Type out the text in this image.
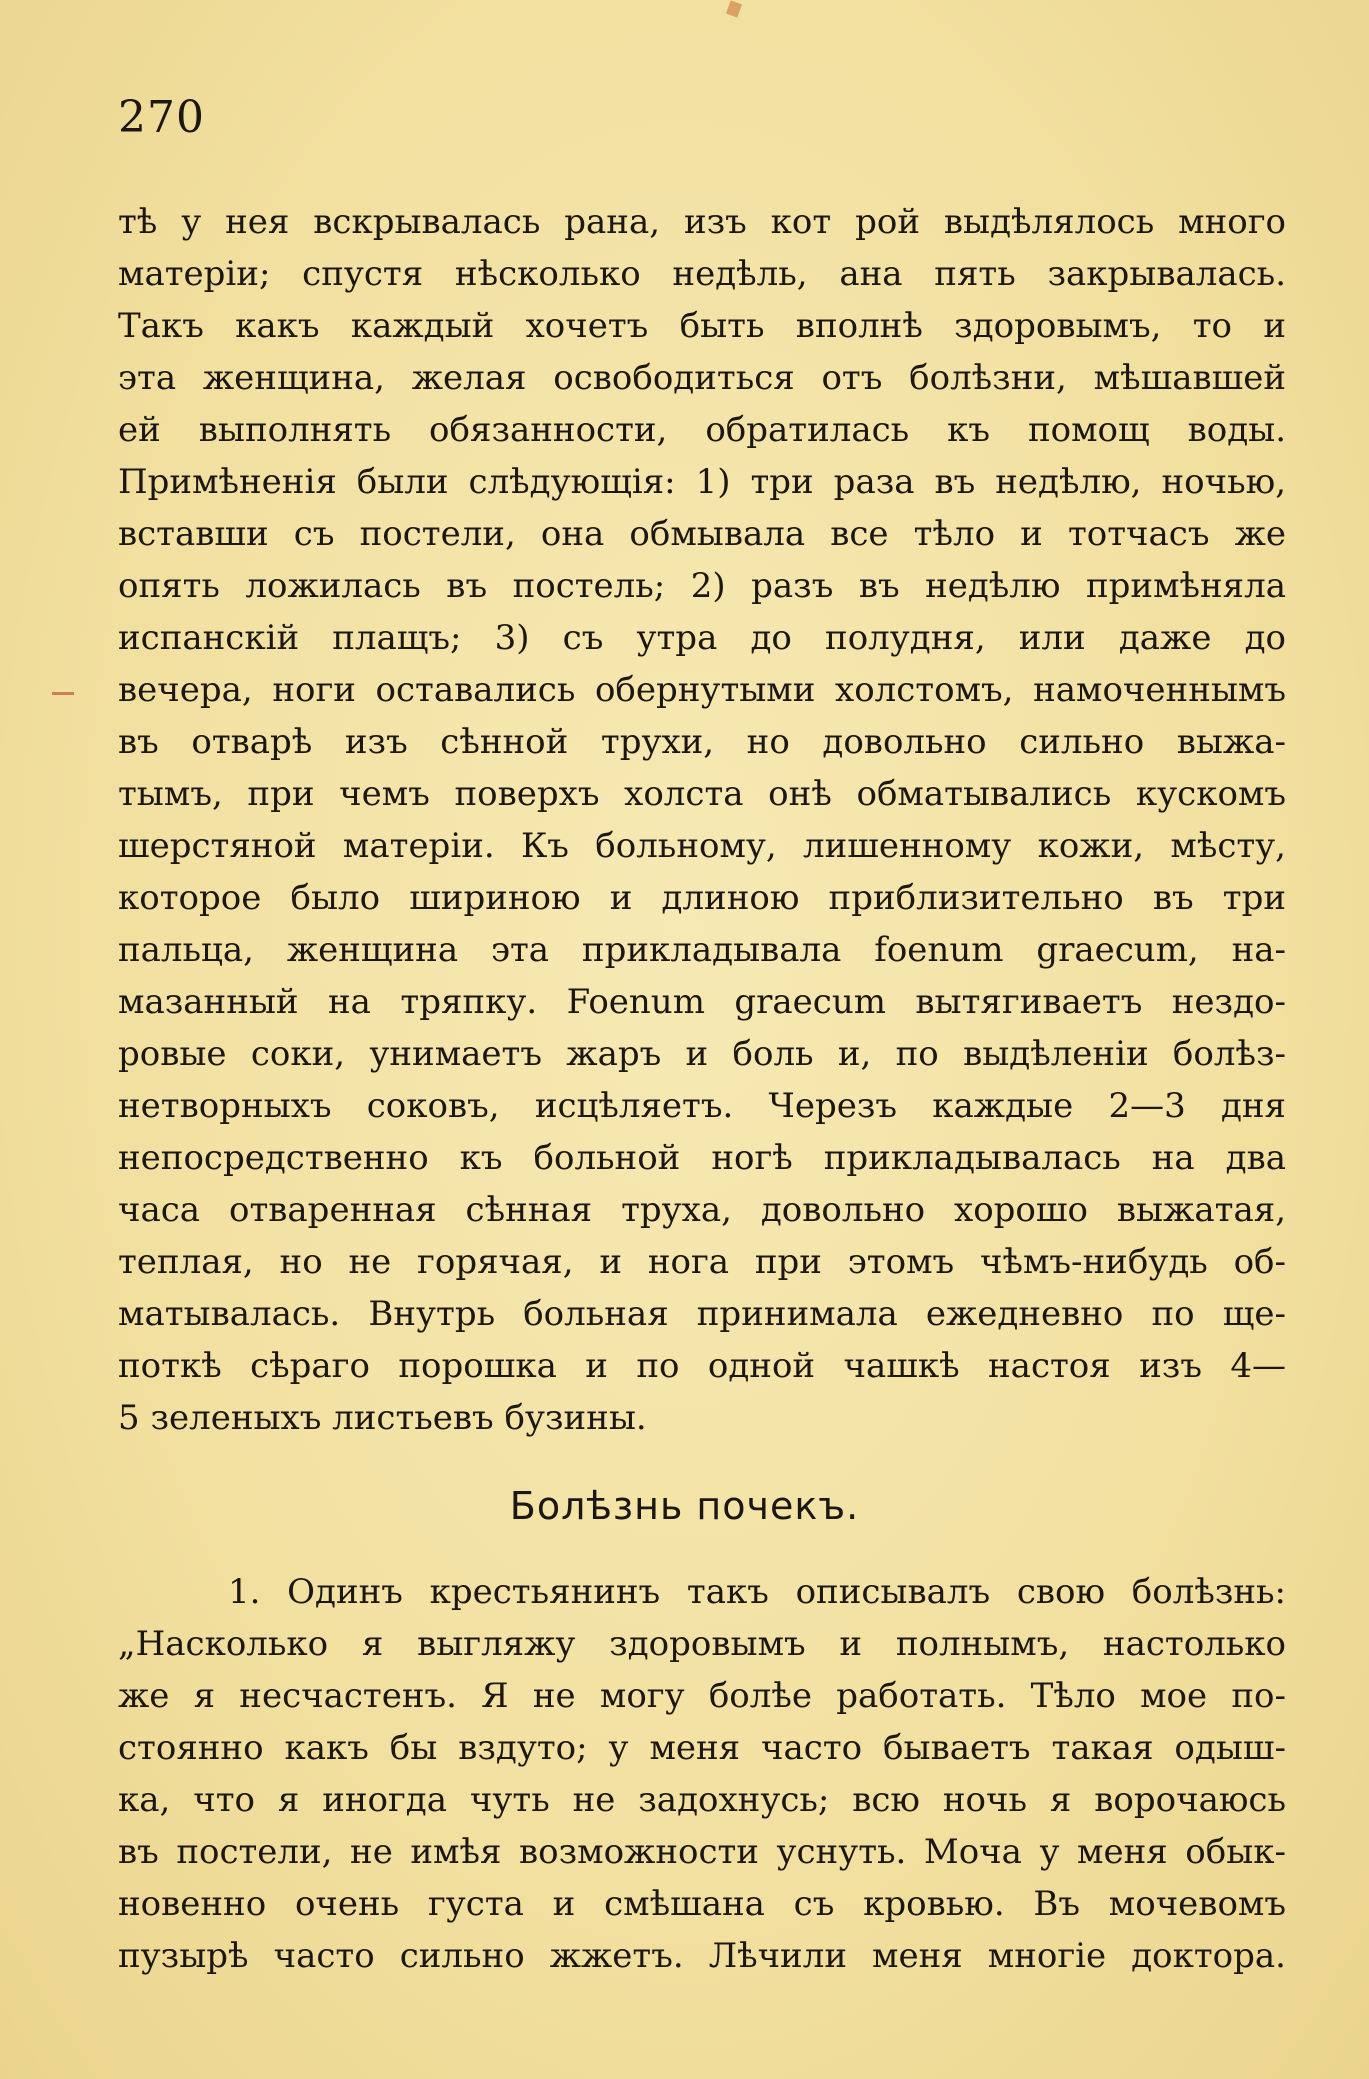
270
тѣ у нея вскрывалась рана, изъ кот рой выдѣлялось много
матеріи; спустя нѣсколько недѣль, ана пять закрывалась.
Такъ какъ каждый хочетъ быть вполнѣ здоровымъ, то и
эта женщина, желая освободиться отъ болѣзни, мѣшавшей
ей выполнять обязанности, обратилась къ помощ воды.
Примѣненія были слѣдующія: 1) три раза въ недѣлю, ночью,
вставши съ постели, она обмывала все тѣло и тотчасъ же
опять ложилась въ постель; 2) разъ въ недѣлю примѣняла
испанскій плащъ; 3) съ утра до полудня, или даже до
вечера, ноги оставались обернутыми холстомъ, намоченнымъ
въ отварѣ изъ сѣнной трухи, но довольно сильно выжа-
тымъ, при чемъ поверхъ холста онѣ обматывались кускомъ
шерстяной матеріи. Къ больному, лишенному кожи, мѣсту,
которое было шириною и длиною приблизительно въ три
пальца, женщина эта прикладывала foenum graecum, на-
мазанный на тряпку. Foenum graecum вытягиваетъ нездо-
ровые соки, унимаетъ жаръ и боль и, по выдѣленіи болѣз-
нетворныхъ соковъ, исцѣляетъ. Черезъ каждые 2—3 дня
непосредственно къ больной ногѣ прикладывалась на два
часа отваренная сѣнная труха, довольно хорошо выжатая,
теплая, но не горячая, и нога при этомъ чѣмъ-нибудь об-
матывалась. Внутрь больная принимала ежедневно по ще-
поткѣ сѣраго порошка и по одной чашкѣ настоя изъ 4—
5 зеленыхъ листьевъ бузины.
Болѣзнь почекъ.
1. Одинъ крестьянинъ такъ описывалъ свою болѣзнь:
„Насколько я выгляжу здоровымъ и полнымъ, настолько
же я несчастенъ. Я не могу болѣе работать. Тѣло мое по-
стоянно какъ бы вздуто; у меня часто бываетъ такая одыш-
ка, что я иногда чуть не задохнусь; всю ночь я ворочаюсь
въ постели, не имѣя возможности уснуть. Моча у меня обык-
новенно очень густа и смѣшана съ кровью. Въ мочевомъ
пузырѣ часто сильно жжетъ. Лѣчили меня многіе доктора.
